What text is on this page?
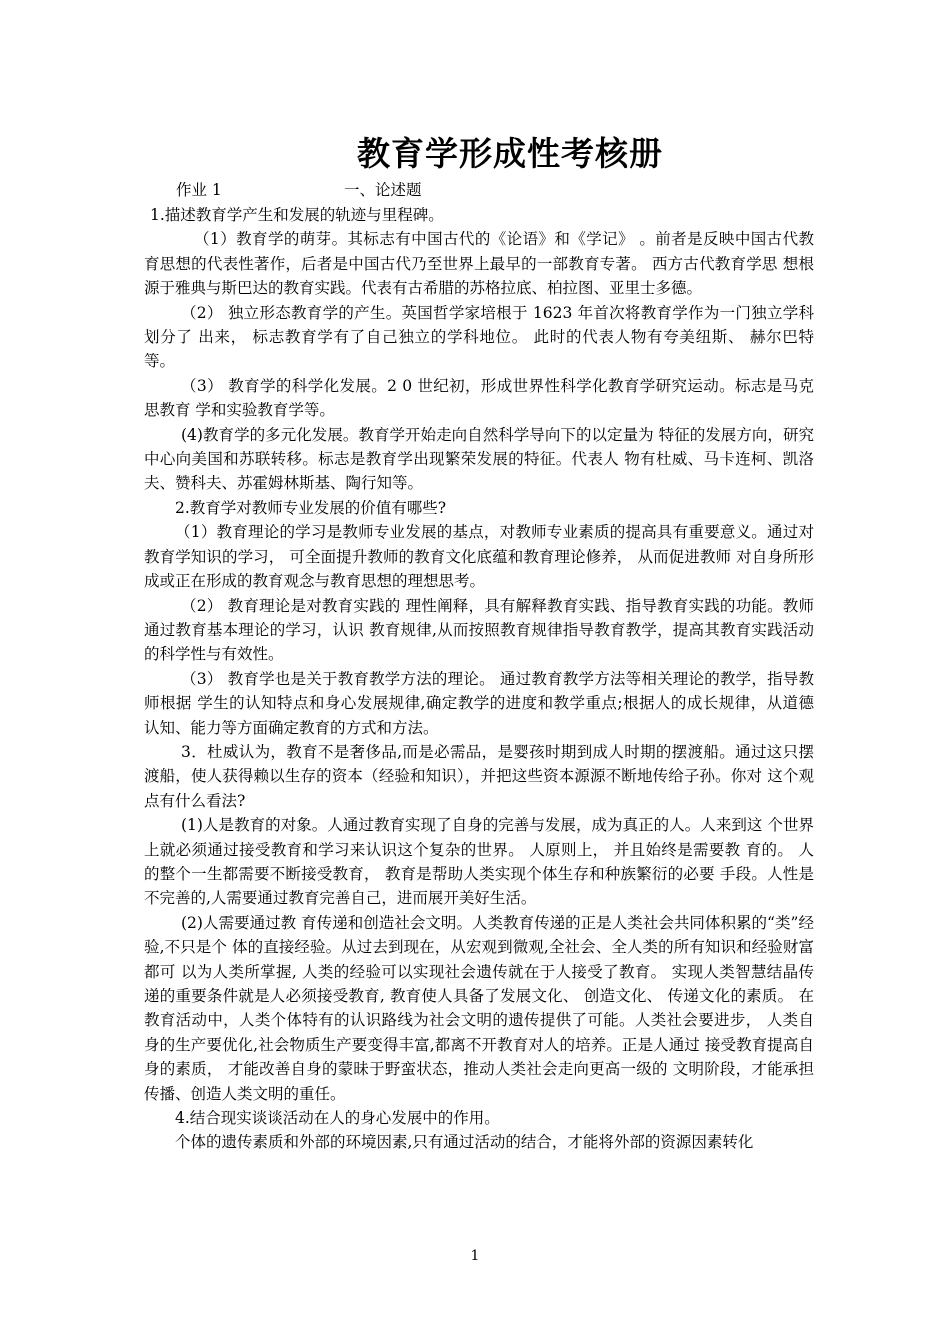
教育学形成性考核册
作业 1	一、论述题

1.描述教育学产生和发展的轨迹与里程碑。

（1）教育学的萌芽。其标志有中国古代的《论语》和《学记》 。前者是反映中国古代教 育思想的代表性著作，后者是中国古代乃至世界上最早的一部教育专著。 西方古代教育学思 想根源于雅典与斯巴达的教育实践。代表有古希腊的苏格拉底、柏拉图、亚里士多德。

（2） 独立形态教育学的产生。英国哲学家培根于 1623 年首次将教育学作为一门独立学科划分了 出来， 标志教育学有了自己独立的学科地位。 此时的代表人物有夸美纽斯、 赫尔巴特等。

（3） 教育学的科学化发展。2 0 世纪初，形成世界性科学化教育学研究运动。标志是马克思教育 学和实验教育学等。

(4)教育学的多元化发展。教育学开始走向自然科学导向下的以定量为 特征的发展方向，研究中心向美国和苏联转移。标志是教育学出现繁荣发展的特征。代表人 物有杜威、马卡连柯、凯洛夫、赞科夫、苏霍姆林斯基、陶行知等。

2.教育学对教师专业发展的价值有哪些?

（1）教育理论的学习是教师专业发展的基点，对教师专业素质的提高具有重要意义。通过对教育学知识的学习， 可全面提升教师的教育文化底蕴和教育理论修养， 从而促进教师 对自身所形成或正在形成的教育观念与教育思想的理想思考。

（2） 教育理论是对教育实践的 理性阐释，具有解释教育实践、指导教育实践的功能。教师通过教育基本理论的学习，认识 教育规律,从而按照教育规律指导教育教学，提高其教育实践活动的科学性与有效性。

（3） 教育学也是关于教育教学方法的理论。 通过教育教学方法等相关理论的教学，指导教师根据 学生的认知特点和身心发展规律,确定教学的进度和教学重点;根据人的成长规律，从道德 认知、能力等方面确定教育的方式和方法。

3．杜威认为，教育不是奢侈品,而是必需品，是婴孩时期到成人时期的摆渡船。通过这只摆 渡船，使人获得赖以生存的资本（经验和知识），并把这些资本源源不断地传给子孙。你对 这个观点有什么看法?

(1)人是教育的对象。人通过教育实现了自身的完善与发展，成为真正的人。人来到这 个世界上就必须通过接受教育和学习来认识这个复杂的世界。 人原则上， 并且始终是需要教 育的。 人的整个一生都需要不断接受教育， 教育是帮助人类实现个体生存和种族繁衍的必要 手段。人性是不完善的,人需要通过教育完善自己，进而展开美好生活。

(2)人需要通过教 育传递和创造社会文明。人类教育传递的正是人类社会共同体积累的“类”经验,不只是个 体的直接经验。从过去到现在，从宏观到微观,全社会、全人类的所有知识和经验财富都可 以为人类所掌握, 人类的经验可以实现社会遗传就在于人接受了教育。 实现人类智慧结晶传 递的重要条件就是人必须接受教育, 教育使人具备了发展文化、 创造文化、 传递文化的素质。 在教育活动中，人类个体特有的认识路线为社会文明的遗传提供了可能。人类社会要进步， 人类自身的生产要优化,社会物质生产要变得丰富,都离不开教育对人的培养。正是人通过 接受教育提高自身的素质， 才能改善自身的蒙昧于野蛮状态，推动人类社会走向更高一级的 文明阶段，才能承担传播、创造人类文明的重任。

4.结合现实谈谈活动在人的身心发展中的作用。

个体的遗传素质和外部的环境因素,只有通过活动的结合，才能将外部的资源因素转化

1
